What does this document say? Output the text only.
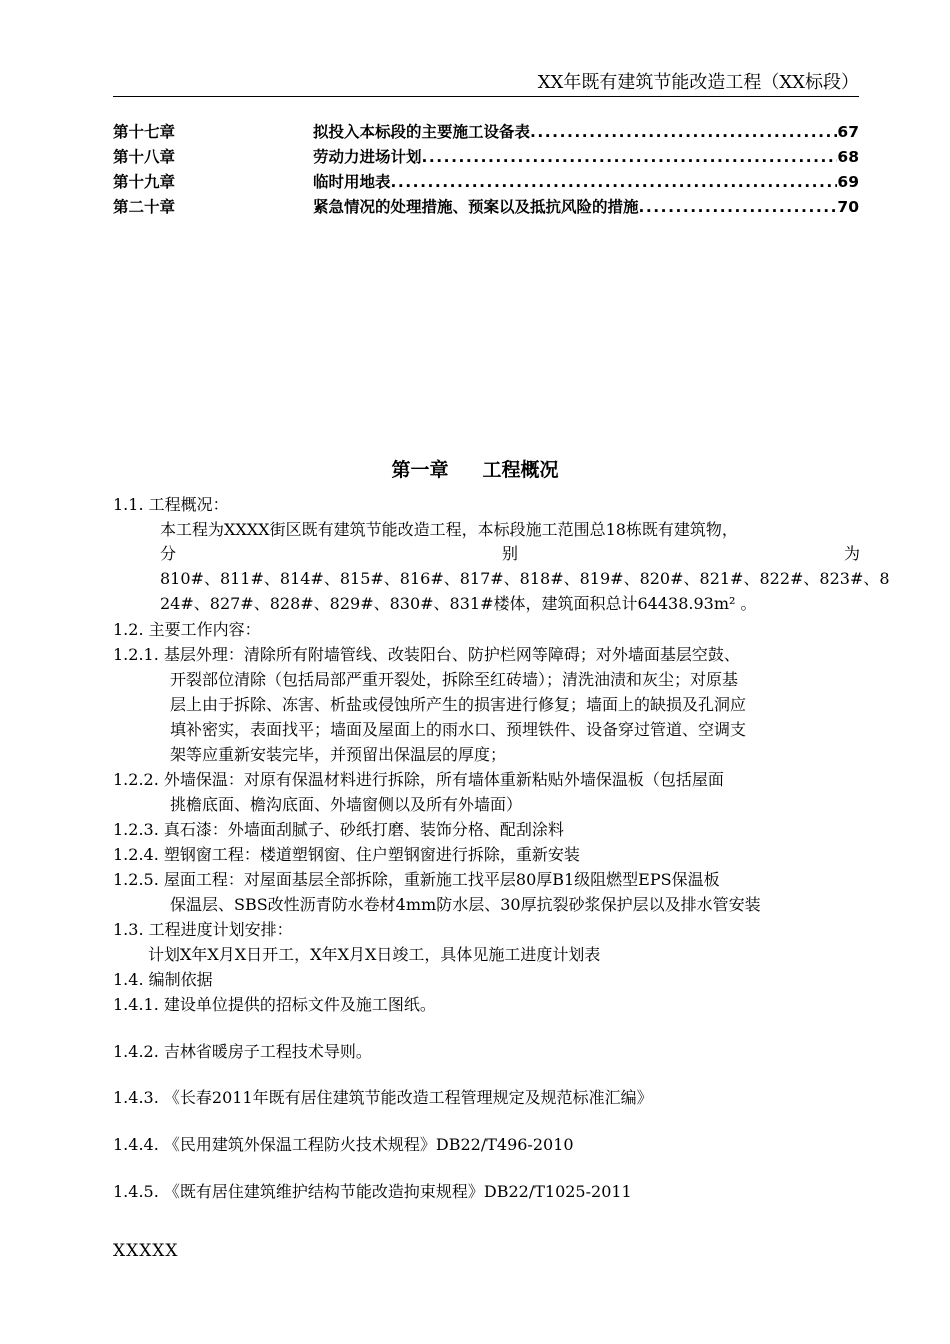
XX年既有建筑节能改造工程（XX标段）
第十七章	拟投入本标段的主要施工设备表 .....	67
第十八章	劳动力进场计划 .....	68
第十九章	临时用地表 .....	69
第二十章	紧急情况的处理措施、预案以及抵抗风险的措施 .....	70
第一章 工程概况
1.1. 工程概况：
本工程为XXXX街区既有建筑节能改造工程，本标段施工范围总18栋既有建筑物，
分	别	为
810#、811#、814#、815#、816#、817#、818#、819#、820#、821#、822#、823#、8
24#、827#、828#、829#、830#、831#楼体，建筑面积总计64438.93m² 。
1.2. 主要工作内容：
1.2.1. 基层外理：清除所有附墙管线、改装阳台、防护栏网等障碍；对外墙面基层空鼓、
开裂部位清除（包括局部严重开裂处，拆除至红砖墙）；清洗油渍和灰尘；对原基
层上由于拆除、冻害、析盐或侵蚀所产生的损害进行修复；墙面上的缺损及孔洞应
填补密实，表面找平；墙面及屋面上的雨水口、预埋铁件、设备穿过管道、空调支
架等应重新安装完毕，并预留出保温层的厚度；
1.2.2. 外墙保温：对原有保温材料进行拆除，所有墙体重新粘贴外墙保温板（包括屋面
挑檐底面、檐沟底面、外墙窗侧以及所有外墙面）
1.2.3. 真石漆：外墙面刮腻子、砂纸打磨、装饰分格、配刮涂料
1.2.4. 塑钢窗工程：楼道塑钢窗、住户塑钢窗进行拆除，重新安装
1.2.5. 屋面工程：对屋面基层全部拆除，重新施工找平层80厚B1级阻燃型EPS保温板
保温层、SBS改性沥青防水卷材4mm防水层、30厚抗裂砂浆保护层以及排水管安装
1.3. 工程进度计划安排：
计划X年X月X日开工，X年X月X日竣工，具体见施工进度计划表
1.4. 编制依据
1.4.1. 建设单位提供的招标文件及施工图纸。
1.4.2. 吉林省暖房子工程技术导则。
1.4.3. 《长春2011年既有居住建筑节能改造工程管理规定及规范标准汇编》
1.4.4. 《民用建筑外保温工程防火技术规程》DB22/T496-2010
1.4.5. 《既有居住建筑维护结构节能改造拘束规程》DB22/T1025-2011
XXXXX
